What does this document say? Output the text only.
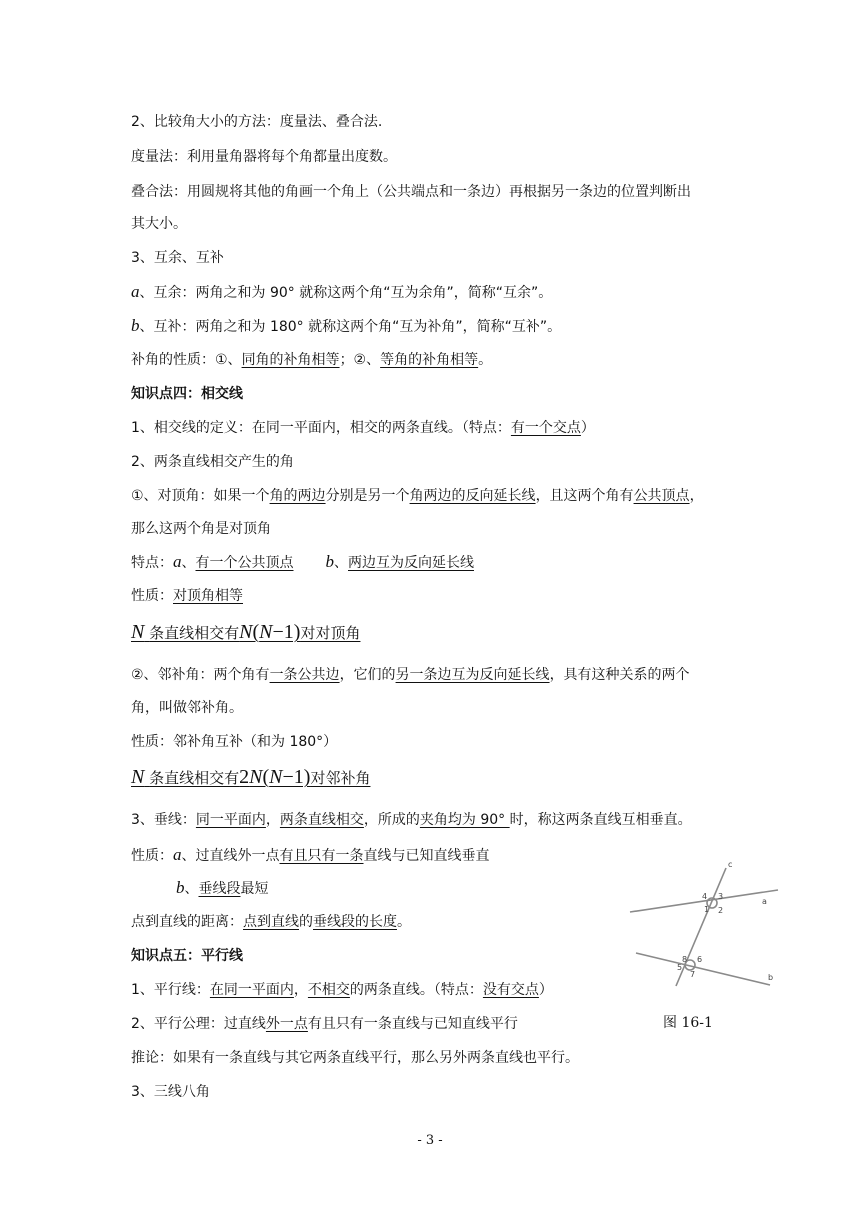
2、比较角大小的方法：度量法、叠合法.
度量法：利用量角器将每个角都量出度数。
叠合法：用圆规将其他的角画一个角上（公共端点和一条边）再根据另一条边的位置判断出
其大小。
3、互余、互补
a、互余：两角之和为 90° 就称这两个角“互为余角”，简称“互余”。
b、互补：两角之和为 180° 就称这两个角“互为补角”，简称“互补”。
补角的性质：①、同角的补角相等；②、等角的补角相等。
知识点四：相交线
1、相交线的定义：在同一平面内，相交的两条直线。（特点：有一个交点）
2、两条直线相交产生的角
①、对顶角：如果一个角的两边分别是另一个角两边的反向延长线，且这两个角有公共顶点，
那么这两个角是对顶角
特点：a、有一个公共顶点 b、两边互为反向延长线
性质：对顶角相等
N 条直线相交有N(N−1)对对顶角
②、邻补角：两个角有一条公共边，它们的另一条边互为反向延长线，具有这种关系的两个
角，叫做邻补角。
性质：邻补角互补（和为 180°）
N 条直线相交有2N(N−1)对邻补角
3、垂线：同一平面内，两条直线相交，所成的夹角均为 90° 时，称这两条直线互相垂直。
性质：a、过直线外一点有且只有一条直线与已知直线垂直
b、垂线段最短
点到直线的距离：点到直线的垂线段的长度。
知识点五：平行线
1、平行线：在同一平面内，不相交的两条直线。（特点：没有交点）
2、平行公理：过直线外一点有且只有一条直线与已知直线平行
推论：如果有一条直线与其它两条直线平行，那么另外两条直线也平行。
3、三线八角
c
a
b
1 2
3
4
5
6
7
8
图 16-1
- 3 -
